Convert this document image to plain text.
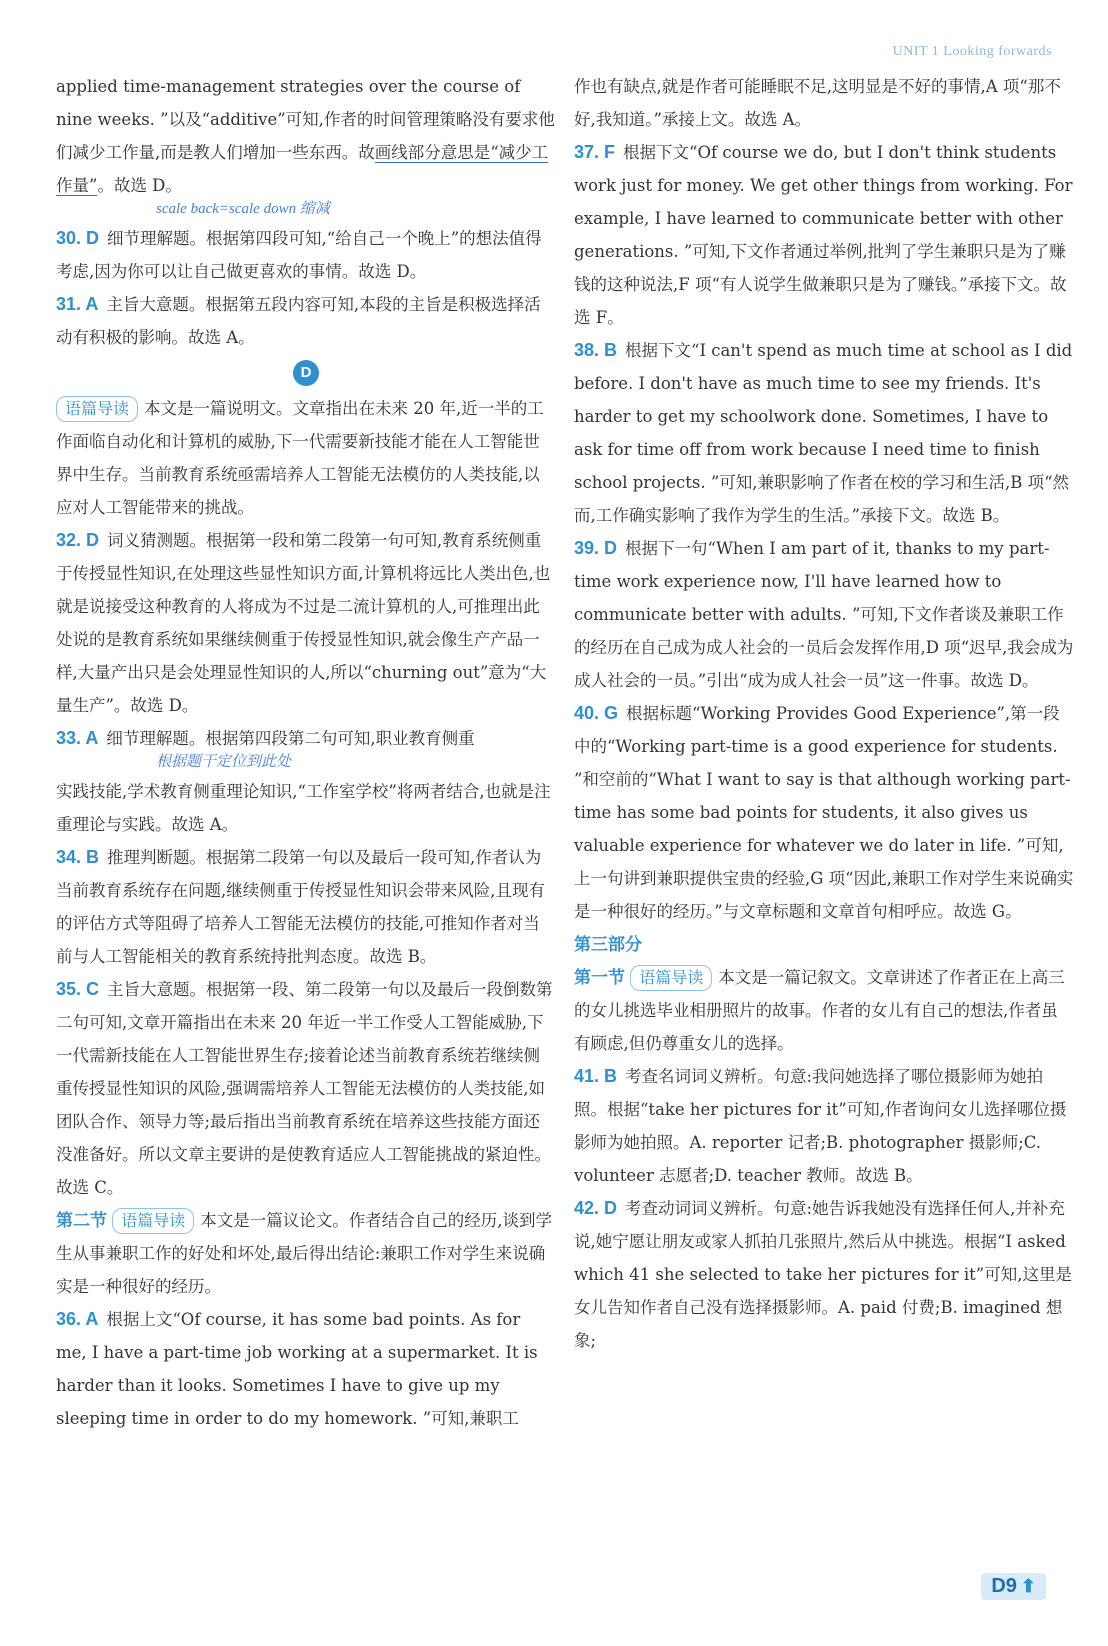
UNIT 1 Looking forwards
applied time-management strategies over the course of nine weeks. ”以及“additive”可知,作者的时间管理策略没有要求他们减少工作量,而是教人们增加一些东西。故画线部分意思是“减少工作量”。故选 D。
scale back=scale down 缩减
30. D 细节理解题。根据第四段可知,“给自己一个晚上”的想法值得考虑,因为你可以让自己做更喜欢的事情。故选 D。
31. A 主旨大意题。根据第五段内容可知,本段的主旨是积极选择活动有积极的影响。故选 A。
D
语篇导读 本文是一篇说明文。文章指出在未来 20 年,近一半的工作面临自动化和计算机的威胁,下一代需要新技能才能在人工智能世界中生存。当前教育系统亟需培养人工智能无法模仿的人类技能,以应对人工智能带来的挑战。
32. D 词义猜测题。根据第一段和第二段第一句可知,教育系统侧重于传授显性知识,在处理这些显性知识方面,计算机将远比人类出色,也就是说接受这种教育的人将成为不过是二流计算机的人,可推理出此处说的是教育系统如果继续侧重于传授显性知识,就会像生产产品一样,大量产出只是会处理显性知识的人,所以“churning out”意为“大量生产”。故选 D。
33. A 细节理解题。根据第四段第二句可知,职业教育侧重
根据题干定位到此处
实践技能,学术教育侧重理论知识,“工作室学校”将两者结合,也就是注重理论与实践。故选 A。
34. B 推理判断题。根据第二段第一句以及最后一段可知,作者认为当前教育系统存在问题,继续侧重于传授显性知识会带来风险,且现有的评估方式等阻碍了培养人工智能无法模仿的技能,可推知作者对当前与人工智能相关的教育系统持批判态度。故选 B。
35. C 主旨大意题。根据第一段、第二段第一句以及最后一段倒数第二句可知,文章开篇指出在未来 20 年近一半工作受人工智能威胁,下一代需新技能在人工智能世界生存;接着论述当前教育系统若继续侧重传授显性知识的风险,强调需培养人工智能无法模仿的人类技能,如团队合作、领导力等;最后指出当前教育系统在培养这些技能方面还没准备好。所以文章主要讲的是使教育适应人工智能挑战的紧迫性。故选 C。
第二节 语篇导读 本文是一篇议论文。作者结合自己的经历,谈到学生从事兼职工作的好处和坏处,最后得出结论:兼职工作对学生来说确实是一种很好的经历。
36. A 根据上文“Of course, it has some bad points. As for me, I have a part-time job working at a supermarket. It is harder than it looks. Sometimes I have to give up my sleeping time in order to do my homework. ”可知,兼职工
作也有缺点,就是作者可能睡眠不足,这明显是不好的事情,A 项“那不好,我知道。”承接上文。故选 A。
37. F 根据下文“Of course we do, but I don't think students work just for money. We get other things from working. For example, I have learned to communicate better with other generations. ”可知,下文作者通过举例,批判了学生兼职只是为了赚钱的这种说法,F 项“有人说学生做兼职只是为了赚钱。”承接下文。故选 F。
38. B 根据下文“I can't spend as much time at school as I did before. I don't have as much time to see my friends. It's harder to get my schoolwork done. Sometimes, I have to ask for time off from work because I need time to finish school projects. ”可知,兼职影响了作者在校的学习和生活,B 项“然而,工作确实影响了我作为学生的生活。”承接下文。故选 B。
39. D 根据下一句“When I am part of it, thanks to my part-time work experience now, I'll have learned how to communicate better with adults. ”可知,下文作者谈及兼职工作的经历在自己成为成人社会的一员后会发挥作用,D 项“迟早,我会成为成人社会的一员。”引出“成为成人社会一员”这一件事。故选 D。
40. G 根据标题“Working Provides Good Experience”,第一段中的“Working part-time is a good experience for students. ”和空前的“What I want to say is that although working part-time has some bad points for students, it also gives us valuable experience for whatever we do later in life. ”可知,上一句讲到兼职提供宝贵的经验,G 项“因此,兼职工作对学生来说确实是一种很好的经历。”与文章标题和文章首句相呼应。故选 G。
第三部分
第一节 语篇导读 本文是一篇记叙文。文章讲述了作者正在上高三的女儿挑选毕业相册照片的故事。作者的女儿有自己的想法,作者虽有顾虑,但仍尊重女儿的选择。
41. B 考查名词词义辨析。句意:我问她选择了哪位摄影师为她拍照。根据“take her pictures for it”可知,作者询问女儿选择哪位摄影师为她拍照。A. reporter 记者;B. photographer 摄影师;C. volunteer 志愿者;D. teacher 教师。故选 B。
42. D 考查动词词义辨析。句意:她告诉我她没有选择任何人,并补充说,她宁愿让朋友或家人抓拍几张照片,然后从中挑选。根据“I asked which 41 she selected to take her pictures for it”可知,这里是女儿告知作者自己没有选择摄影师。A. paid 付费;B. imagined 想象;
D9 ⬆
